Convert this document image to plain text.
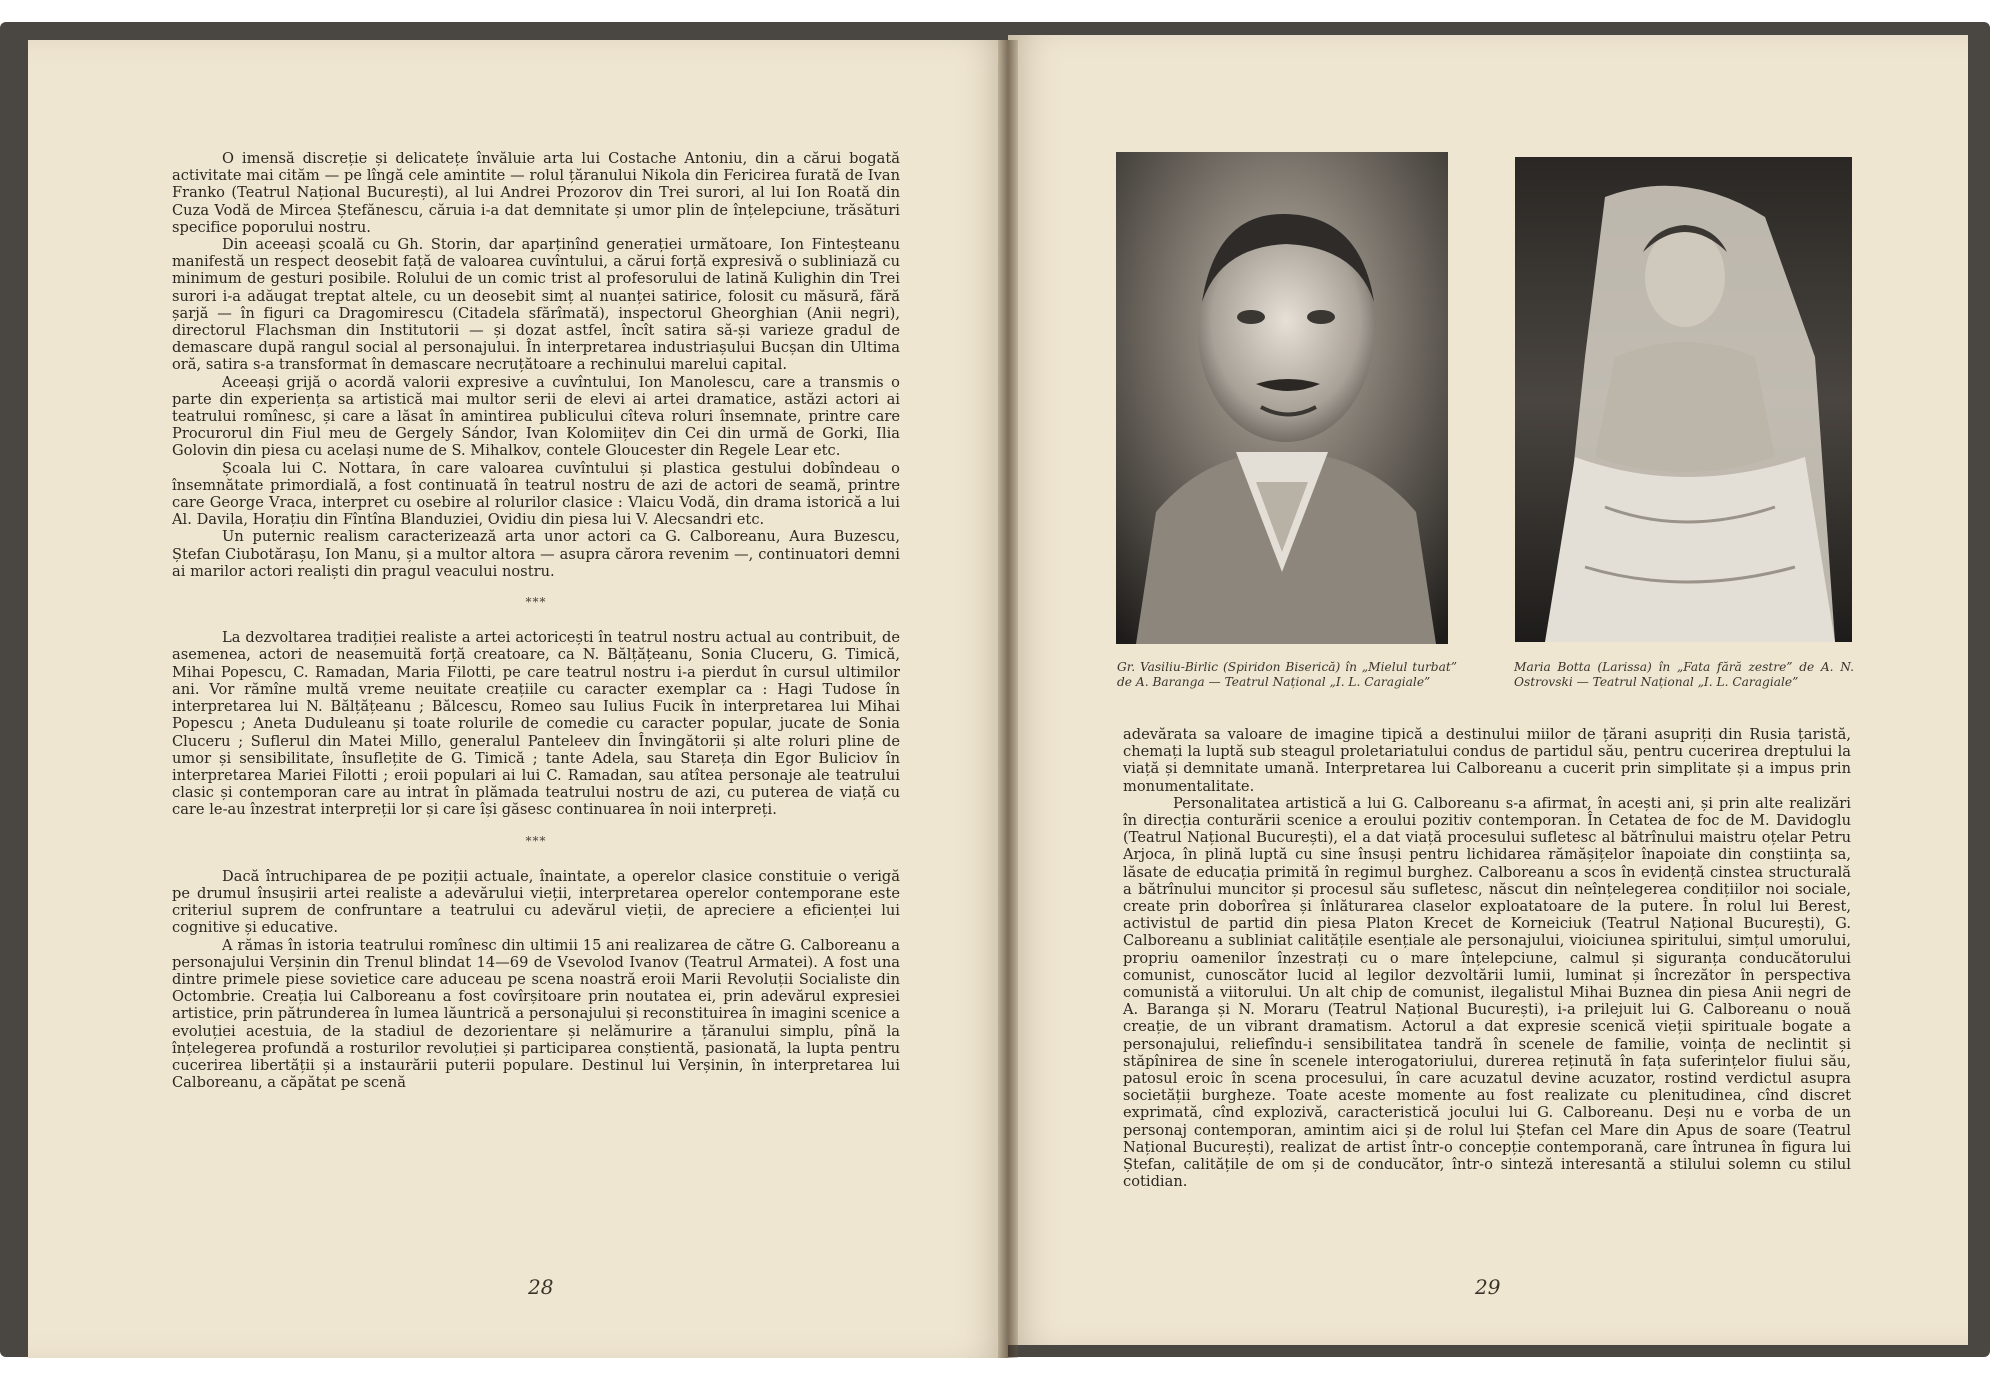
O imensă discreție și delicatețe învăluie arta lui Costache Antoniu, din a cărui bogată activitate mai cităm — pe lîngă cele amintite — rolul țăranului Nikola din Fericirea furată de Ivan Franko (Teatrul Național București), al lui Andrei Prozorov din Trei surori, al lui Ion Roată din Cuza Vodă de Mircea Ștefănescu, căruia i-a dat demnitate și umor plin de înțelepciune, trăsături specifice poporului nostru.

Din aceeași școală cu Gh. Storin, dar aparținînd generației următoare, Ion Finteșteanu manifestă un respect deosebit față de valoarea cuvîntului, a cărui forță expresivă o subliniază cu minimum de gesturi posibile. Rolului de un comic trist al profesorului de latină Kulighin din Trei surori i-a adăugat treptat altele, cu un deosebit simț al nuanței satirice, folosit cu măsură, fără șarjă — în figuri ca Dragomirescu (Citadela sfărîmată), inspectorul Gheorghian (Anii negri), directorul Flachsman din Institutorii — și dozat astfel, încît satira să-și varieze gradul de demascare după rangul social al personajului. În interpretarea industriașului Bucșan din Ultima oră, satira s-a transformat în demascare necruțătoare a rechinului marelui capital.

Aceeași grijă o acordă valorii expresive a cuvîntului, Ion Manolescu, care a transmis o parte din experiența sa artistică mai multor serii de elevi ai artei dramatice, astăzi actori ai teatrului romînesc, și care a lăsat în amintirea publicului cîteva roluri însemnate, printre care Procurorul din Fiul meu de Gergely Sándor, Ivan Kolomiițev din Cei din urmă de Gorki, Ilia Golovin din piesa cu același nume de S. Mihalkov, contele Gloucester din Regele Lear etc.

Școala lui C. Nottara, în care valoarea cuvîntului și plastica gestului dobîndeau o însemnătate primordială, a fost continuată în teatrul nostru de azi de actori de seamă, printre care George Vraca, interpret cu osebire al rolurilor clasice : Vlaicu Vodă, din drama istorică a lui Al. Davila, Horațiu din Fîntîna Blanduziei, Ovidiu din piesa lui V. Alecsandri etc.

Un puternic realism caracterizează arta unor actori ca G. Calboreanu, Aura Buzescu, Ștefan Ciubotărașu, Ion Manu, și a multor altora — asupra cărora revenim —, continuatori demni ai marilor actori realiști din pragul veacului nostru.

***

La dezvoltarea tradiției realiste a artei actoricești în teatrul nostru actual au contribuit, de asemenea, actori de neasemuită forță creatoare, ca N. Bălțățeanu, Sonia Cluceru, G. Timică, Mihai Popescu, C. Ramadan, Maria Filotti, pe care teatrul nostru i-a pierdut în cursul ultimilor ani. Vor rămîne multă vreme neuitate creațiile cu caracter exemplar ca : Hagi Tudose în interpretarea lui N. Bălțățeanu ; Bălcescu, Romeo sau Iulius Fucik în interpretarea lui Mihai Popescu ; Aneta Duduleanu și toate rolurile de comedie cu caracter popular, jucate de Sonia Cluceru ; Suflerul din Matei Millo, generalul Panteleev din Învingătorii și alte roluri pline de umor și sensibilitate, însuflețite de G. Timică ; tante Adela, sau Stareța din Egor Buliciov în interpretarea Mariei Filotti ; eroii populari ai lui C. Ramadan, sau atîtea personaje ale teatrului clasic și contemporan care au intrat în plămada teatrului nostru de azi, cu puterea de viață cu care le-au înzestrat interpreții lor și care își găsesc continuarea în noii interpreți.

***

Dacă întruchiparea de pe poziții actuale, înaintate, a operelor clasice constituie o verigă pe drumul însușirii artei realiste a adevărului vieții, interpretarea operelor contemporane este criteriul suprem de confruntare a teatrului cu adevărul vieții, de apreciere a eficienței lui cognitive și educative.

A rămas în istoria teatrului romînesc din ultimii 15 ani realizarea de către G. Calboreanu a personajului Verșinin din Trenul blindat 14—69 de Vsevolod Ivanov (Teatrul Armatei). A fost una dintre primele piese sovietice care aduceau pe scena noastră eroii Marii Revoluții Socialiste din Octombrie. Creația lui Calboreanu a fost covîrșitoare prin noutatea ei, prin adevărul expresiei artistice, prin pătrunderea în lumea lăuntrică a personajului și reconstituirea în imagini scenice a evoluției acestuia, de la stadiul de dezorientare și nelămurire a țăranului simplu, pînă la înțelegerea profundă a rosturilor revoluției și participarea conștientă, pasionată, la lupta pentru cucerirea libertății și a instaurării puterii populare. Destinul lui Verșinin, în interpretarea lui Calboreanu, a căpătat pe scenă

28
Gr. Vasiliu-Birlic (Spiridon Biserică) în „Mielul turbat” de A. Baranga — Teatrul Național „I. L. Caragiale”
Maria Botta (Larissa) în „Fata fără zestre” de A. N. Ostrovski — Teatrul Național „I. L. Caragiale”

adevărata sa valoare de imagine tipică a destinului miilor de țărani asupriți din Rusia țaristă, chemați la luptă sub steagul proletariatului condus de partidul său, pentru cucerirea dreptului la viață și demnitate umană. Interpretarea lui Calboreanu a cucerit prin simplitate și a impus prin monumentalitate.

Personalitatea artistică a lui G. Calboreanu s-a afirmat, în acești ani, și prin alte realizări în direcția conturării scenice a eroului pozitiv contemporan. În Cetatea de foc de M. Davidoglu (Teatrul Național București), el a dat viață procesului sufletesc al bătrînului maistru oțelar Petru Arjoca, în plină luptă cu sine însuși pentru lichidarea rămășițelor înapoiate din conștiința sa, lăsate de educația primită în regimul burghez. Calboreanu a scos în evidență cinstea structurală a bătrînului muncitor și procesul său sufletesc, născut din neînțelegerea condițiilor noi sociale, create prin doborîrea și înlăturarea claselor exploatatoare de la putere. În rolul lui Berest, activistul de partid din piesa Platon Krecet de Korneiciuk (Teatrul Național București), G. Calboreanu a subliniat calitățile esențiale ale personajului, vioiciunea spiritului, simțul umorului, propriu oamenilor înzestrați cu o mare înțelepciune, calmul și siguranța conducătorului comunist, cunoscător lucid al legilor dezvoltării lumii, luminat și încrezător în perspectiva comunistă a viitorului. Un alt chip de comunist, ilegalistul Mihai Buznea din piesa Anii negri de A. Baranga și N. Moraru (Teatrul Național București), i-a prilejuit lui G. Calboreanu o nouă creație, de un vibrant dramatism. Actorul a dat expresie scenică vieții spirituale bogate a personajului, reliefîndu-i sensibilitatea tandră în scenele de familie, voința de neclintit și stăpînirea de sine în scenele interogatoriului, durerea reținută în fața suferințelor fiului său, patosul eroic în scena procesului, în care acuzatul devine acuzator, rostind verdictul asupra societății burgheze. Toate aceste momente au fost realizate cu plenitudinea, cînd discret exprimată, cînd explozivă, caracteristică jocului lui G. Calboreanu. Deși nu e vorba de un personaj contemporan, amintim aici și de rolul lui Ștefan cel Mare din Apus de soare (Teatrul Național București), realizat de artist într-o concepție contemporană, care întrunea în figura lui Ștefan, calitățile de om și de conducător, într-o sinteză interesantă a stilului solemn cu stilul cotidian.

29
